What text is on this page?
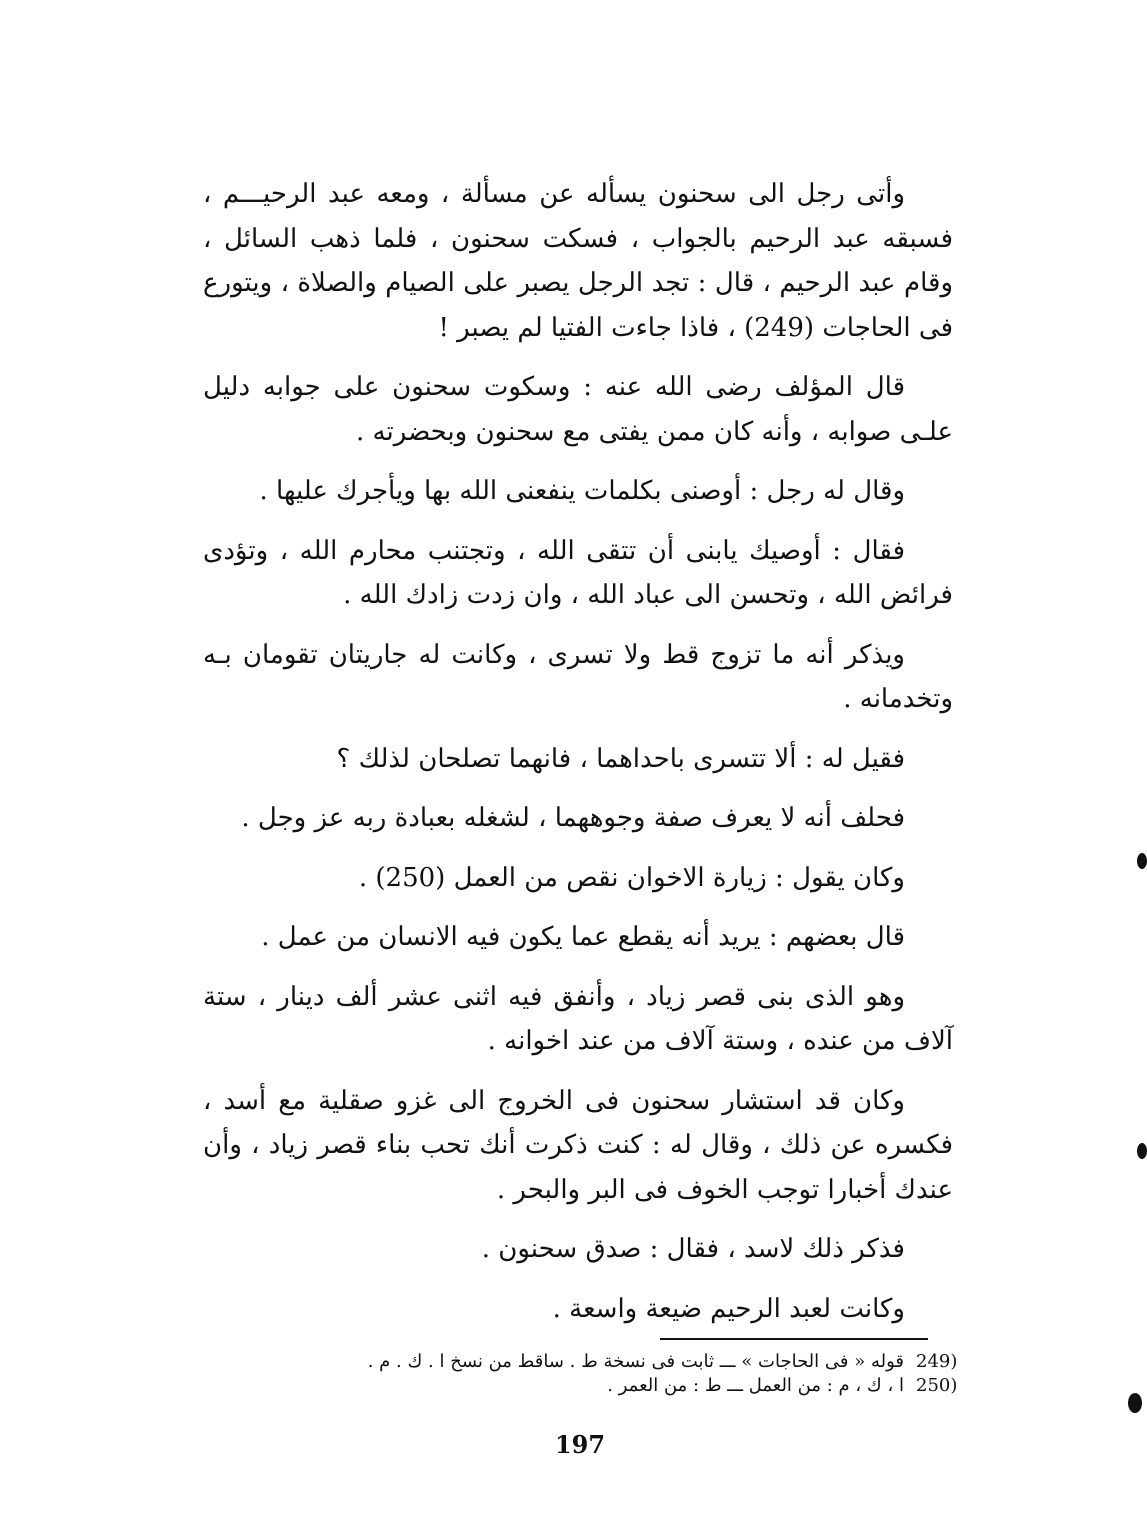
وأتى رجل الى سحنون يسأله عن مسألة ، ومعه عبد الرحيـــم ، فسبقه عبد الرحيم بالجواب ، فسكت سحنون ، فلما ذهب السائل ، وقام عبد الرحيم ، قال : تجد الرجل يصبر على الصيام والصلاة ، ويتورع فى الحاجات (249) ، فاذا جاءت الفتيا لم يصبر !

قال المؤلف رضى الله عنه : وسكوت سحنون على جوابه دليل علـى صوابه ، وأنه كان ممن يفتى مع سحنون وبحضرته .

وقال له رجل : أوصنى بكلمات ينفعنى الله بها ويأجرك عليها .

فقال : أوصيك يابنى أن تتقى الله ، وتجتنب محارم الله ، وتؤدى فرائض الله ، وتحسن الى عباد الله ، وان زدت زادك الله .

ويذكر أنه ما تزوج قط ولا تسرى ، وكانت له جاريتان تقومان بـه وتخدمانه .

فقيل له : ألا تتسرى باحداهما ، فانهما تصلحان لذلك ؟

فحلف أنه لا يعرف صفة وجوههما ، لشغله بعبادة ربه عز وجل .

وكان يقول : زيارة الاخوان نقص من العمل (250) .

قال بعضهم : يريد أنه يقطع عما يكون فيه الانسان من عمل .

وهو الذى بنى قصر زياد ، وأنفق فيه اثنى عشر ألف دينار ، ستة آلاف من عنده ، وستة آلاف من عند اخوانه .

وكان قد استشار سحنون فى الخروج الى غزو صقلية مع أسد ، فكسره عن ذلك ، وقال له : كنت ذكرت أنك تحب بناء قصر زياد ، وأن عندك أخبارا توجب الخوف فى البر والبحر .

فذكر ذلك لاسد ، فقال : صدق سحنون .

وكانت لعبد الرحيم ضيعة واسعة .

249)
قوله « فى الحاجات » ـــ ثابت فى نسخة ط . ساقط من نسخ ا . ك . م .
250)
ا ، ك ، م : من العمل ـــ ط : من العمر .
197
